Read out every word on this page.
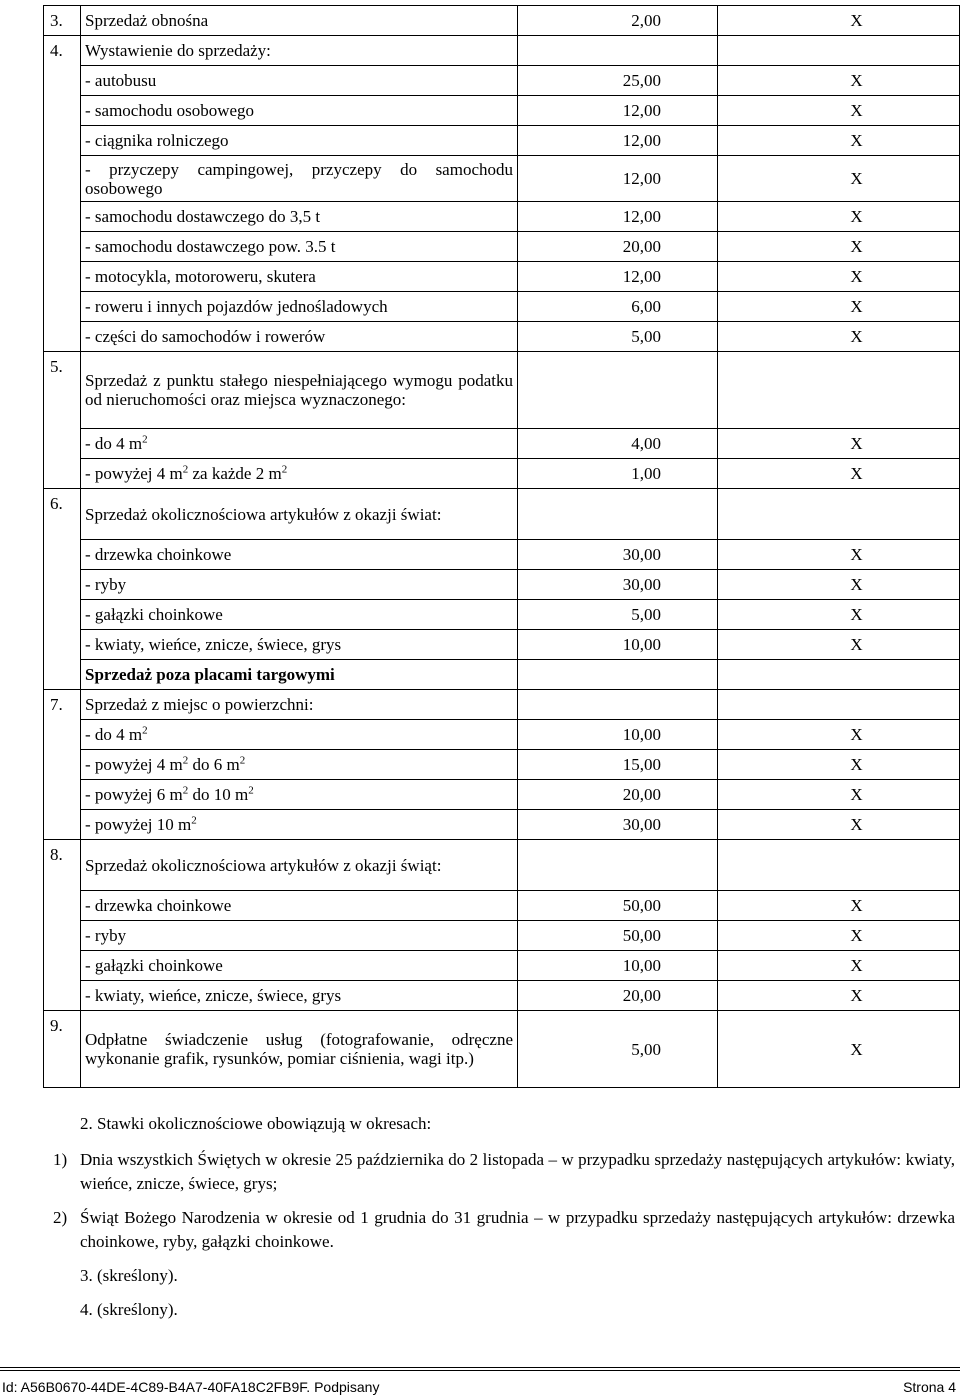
3.	Sprzedaż obnośna	2,00	X
4.	Wystawienie do sprzedaży:		
	- autobusu	25,00	X
	- samochodu osobowego	12,00	X
	- ciągnika rolniczego	12,00	X
	- przyczepy campingowej, przyczepy do samochodu osobowego	12,00	X
	- samochodu dostawczego do 3,5 t	12,00	X
	- samochodu dostawczego pow. 3.5 t	20,00	X
	- motocykla, motoroweru, skutera	12,00	X
	- roweru i innych pojazdów jednośladowych	6,00	X
	- części do samochodów i rowerów	5,00	X
5.	Sprzedaż z punktu stałego niespełniającego wymogu podatku od nieruchomości oraz miejsca wyznaczonego:		
	- do 4 $m^2$	4,00	X
	- powyżej 4 $m^2$ za każde 2 $m^2$	1,00	X
6.	Sprzedaż okolicznościowa artykułów z okazji świat:		
	- drzewka choinkowe	30,00	X
	- ryby	30,00	X
	- gałązki choinkowe	5,00	X
	- kwiaty, wieńce, znicze, świece, grys	10,00	X
	Sprzedaż poza placami targowymi		
7.	Sprzedaż z miejsc o powierzchni:		
	- do 4 $m^2$	10,00	X
	- powyżej 4 $m^2$ do 6 $m^2$	15,00	X
	- powyżej 6 $m^2$ do 10 $m^2$	20,00	X
	- powyżej 10 $m^2$	30,00	X
8.	Sprzedaż okolicznościowa artykułów z okazji świąt:		
	- drzewka choinkowe	50,00	X
	- ryby	50,00	X
	- gałązki choinkowe	10,00	X
	- kwiaty, wieńce, znicze, świece, grys	20,00	X
9.	Odpłatne świadczenie usług (fotografowanie, odręczne wykonanie grafik, rysunków, pomiar ciśnienia, wagi itp.)	5,00	X
2. Stawki okolicznościowe obowiązują w okresach:
1) Dnia wszystkich Świętych w okresie 25 października do 2 listopada – w przypadku sprzedaży następujących artykułów: kwiaty, wieńce, znicze, świece, grys;
2) Świąt Bożego Narodzenia w okresie od 1 grudnia do 31 grudnia – w przypadku sprzedaży następujących artykułów: drzewka choinkowe, ryby, gałązki choinkowe.
3. (skreślony).
4. (skreślony).
Id: A56B0670-44DE-4C89-B4A7-40FA18C2FB9F. Podpisany	Strona 4
